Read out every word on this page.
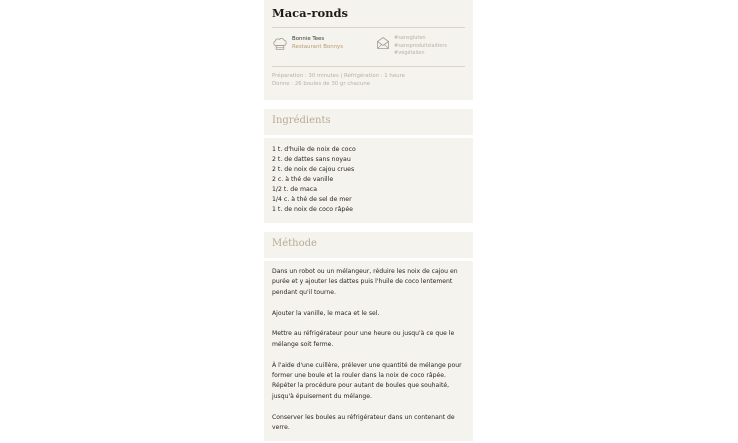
Maca-ronds
Bonnie Tees
Restaurant Bonnys
#sansgluten
#sansproduitslaitiers
#végétalien
Préparation : 30 minutes | Réfrigération : 1 heure
Donne : 26 boules de 30 gr chacune
Ingrédients
1 t. d'huile de noix de coco
2 t. de dattes sans noyau
2 t. de noix de cajou crues
2 c. à thé de vanille
1/2 t. de maca
1/4 c. à thé de sel de mer
1 t. de noix de coco râpée
Méthode

Dans un robot ou un mélangeur, réduire les noix de cajou en purée et y ajouter les dattes puis l'huile de coco lentement pendant qu'il tourne.

Ajouter la vanille, le maca et le sel.

Mettre au réfrigérateur pour une heure ou jusqu'à ce que le mélange soit ferme.

À l'aide d'une cuillère, prélever une quantité de mélange pour former une boule et la rouler dans la noix de coco râpée. Répéter la procédure pour autant de boules que souhaité, jusqu'à épuisement du mélange.

Conserver les boules au réfrigérateur dans un contenant de verre.
